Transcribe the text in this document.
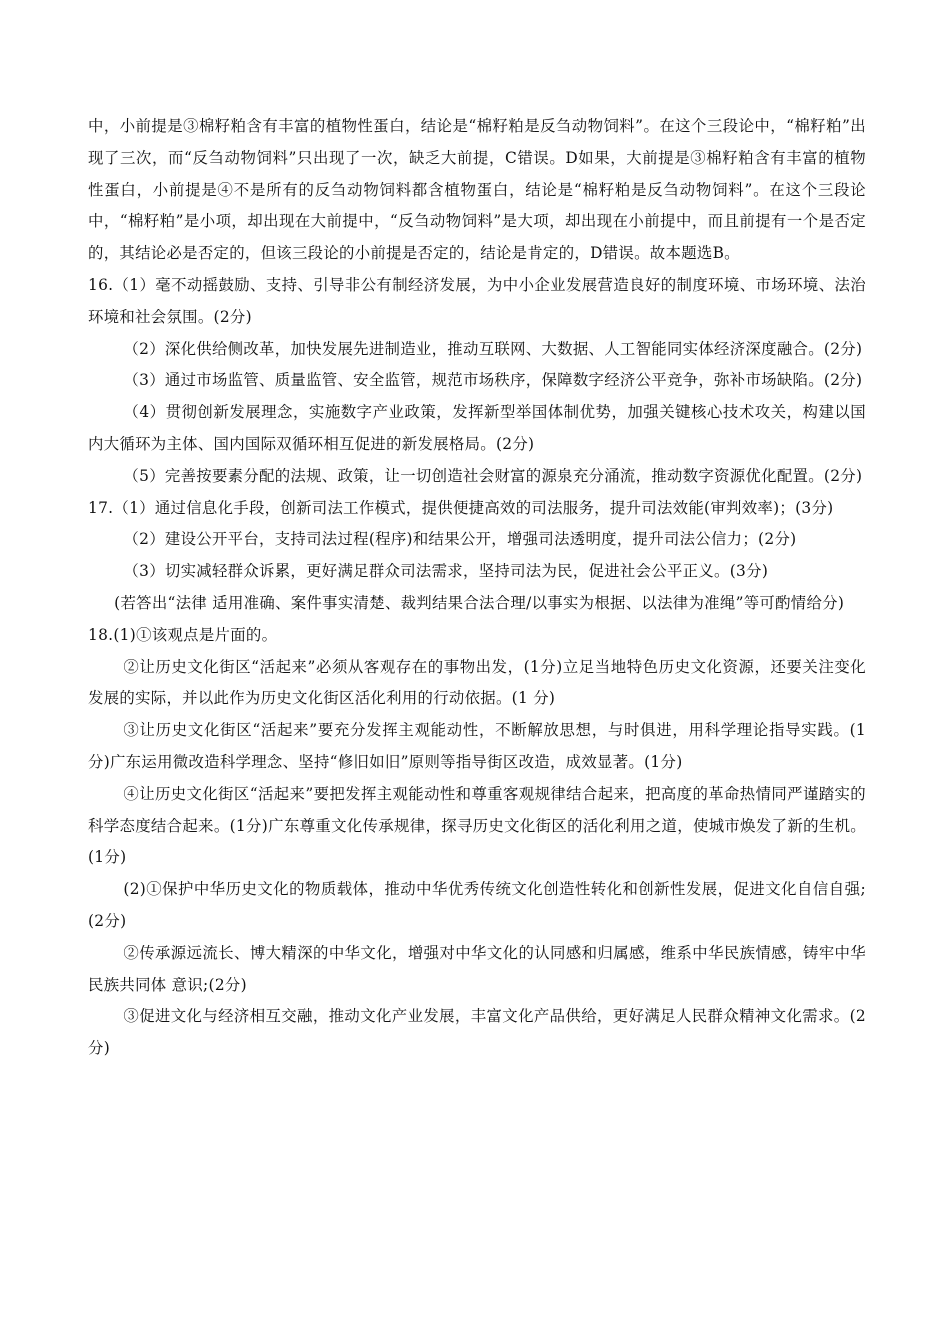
中，小前提是③棉籽粕含有丰富的植物性蛋白，结论是“棉籽粕是反刍动物饲料”。在这个三段论中，“棉籽粕”出现了三次，而“反刍动物饲料”只出现了一次，缺乏大前提，C错误。D如果，大前提是③棉籽粕含有丰富的植物性蛋白，小前提是④不是所有的反刍动物饲料都含植物蛋白，结论是“棉籽粕是反刍动物饲料”。在这个三段论中，“棉籽粕”是小项，却出现在大前提中，“反刍动物饲料”是大项，却出现在小前提中，而且前提有一个是否定的，其结论必是否定的，但该三段论的小前提是否定的，结论是肯定的，D错误。故本题选B。

16.（1）毫不动摇鼓励、支持、引导非公有制经济发展，为中小企业发展营造良好的制度环境、市场环境、法治环境和社会氛围。(2分)

（2）深化供给侧改革，加快发展先进制造业，推动互联网、大数据、人工智能同实体经济深度融合。(2分)

（3）通过市场监管、质量监管、安全监管，规范市场秩序，保障数字经济公平竞争，弥补市场缺陷。(2分)

（4）贯彻创新发展理念，实施数字产业政策，发挥新型举国体制优势，加强关键核心技术攻关，构建以国内大循环为主体、国内国际双循环相互促进的新发展格局。(2分)

（5）完善按要素分配的法规、政策，让一切创造社会财富的源泉充分涌流，推动数字资源优化配置。(2分)

17.（1）通过信息化手段，创新司法工作模式，提供便捷高效的司法服务，提升司法效能(审判效率)；(3分)

（2）建设公开平台，支持司法过程(程序)和结果公开，增强司法透明度，提升司法公信力；(2分)

（3）切实减轻群众诉累，更好满足群众司法需求，坚持司法为民，促进社会公平正义。(3分)

(若答出“法律 适用准确、案件事实清楚、裁判结果合法合理/以事实为根据、以法律为准绳”等可酌情给分)

18.(1)①该观点是片面的。

②让历史文化街区“活起来”必须从客观存在的事物出发，(1分)立足当地特色历史文化资源，还要关注变化发展的实际，并以此作为历史文化街区活化利用的行动依据。(1 分)

③让历史文化街区“活起来”要充分发挥主观能动性，不断解放思想，与时俱进，用科学理论指导实践。(1分)广东运用微改造科学理念、坚持“修旧如旧”原则等指导街区改造，成效显著。(1分)

④让历史文化街区“活起来”要把发挥主观能动性和尊重客观规律结合起来，把高度的革命热情同严谨踏实的科学态度结合起来。(1分)广东尊重文化传承规律，探寻历史文化街区的活化利用之道，使城市焕发了新的生机。(1分)

(2)①保护中华历史文化的物质载体，推动中华优秀传统文化创造性转化和创新性发展，促进文化自信自强;(2分)

②传承源远流长、博大精深的中华文化，增强对中华文化的认同感和归属感，维系中华民族情感，铸牢中华民族共同体 意识;(2分)

③促进文化与经济相互交融，推动文化产业发展，丰富文化产品供给，更好满足人民群众精神文化需求。(2分)
